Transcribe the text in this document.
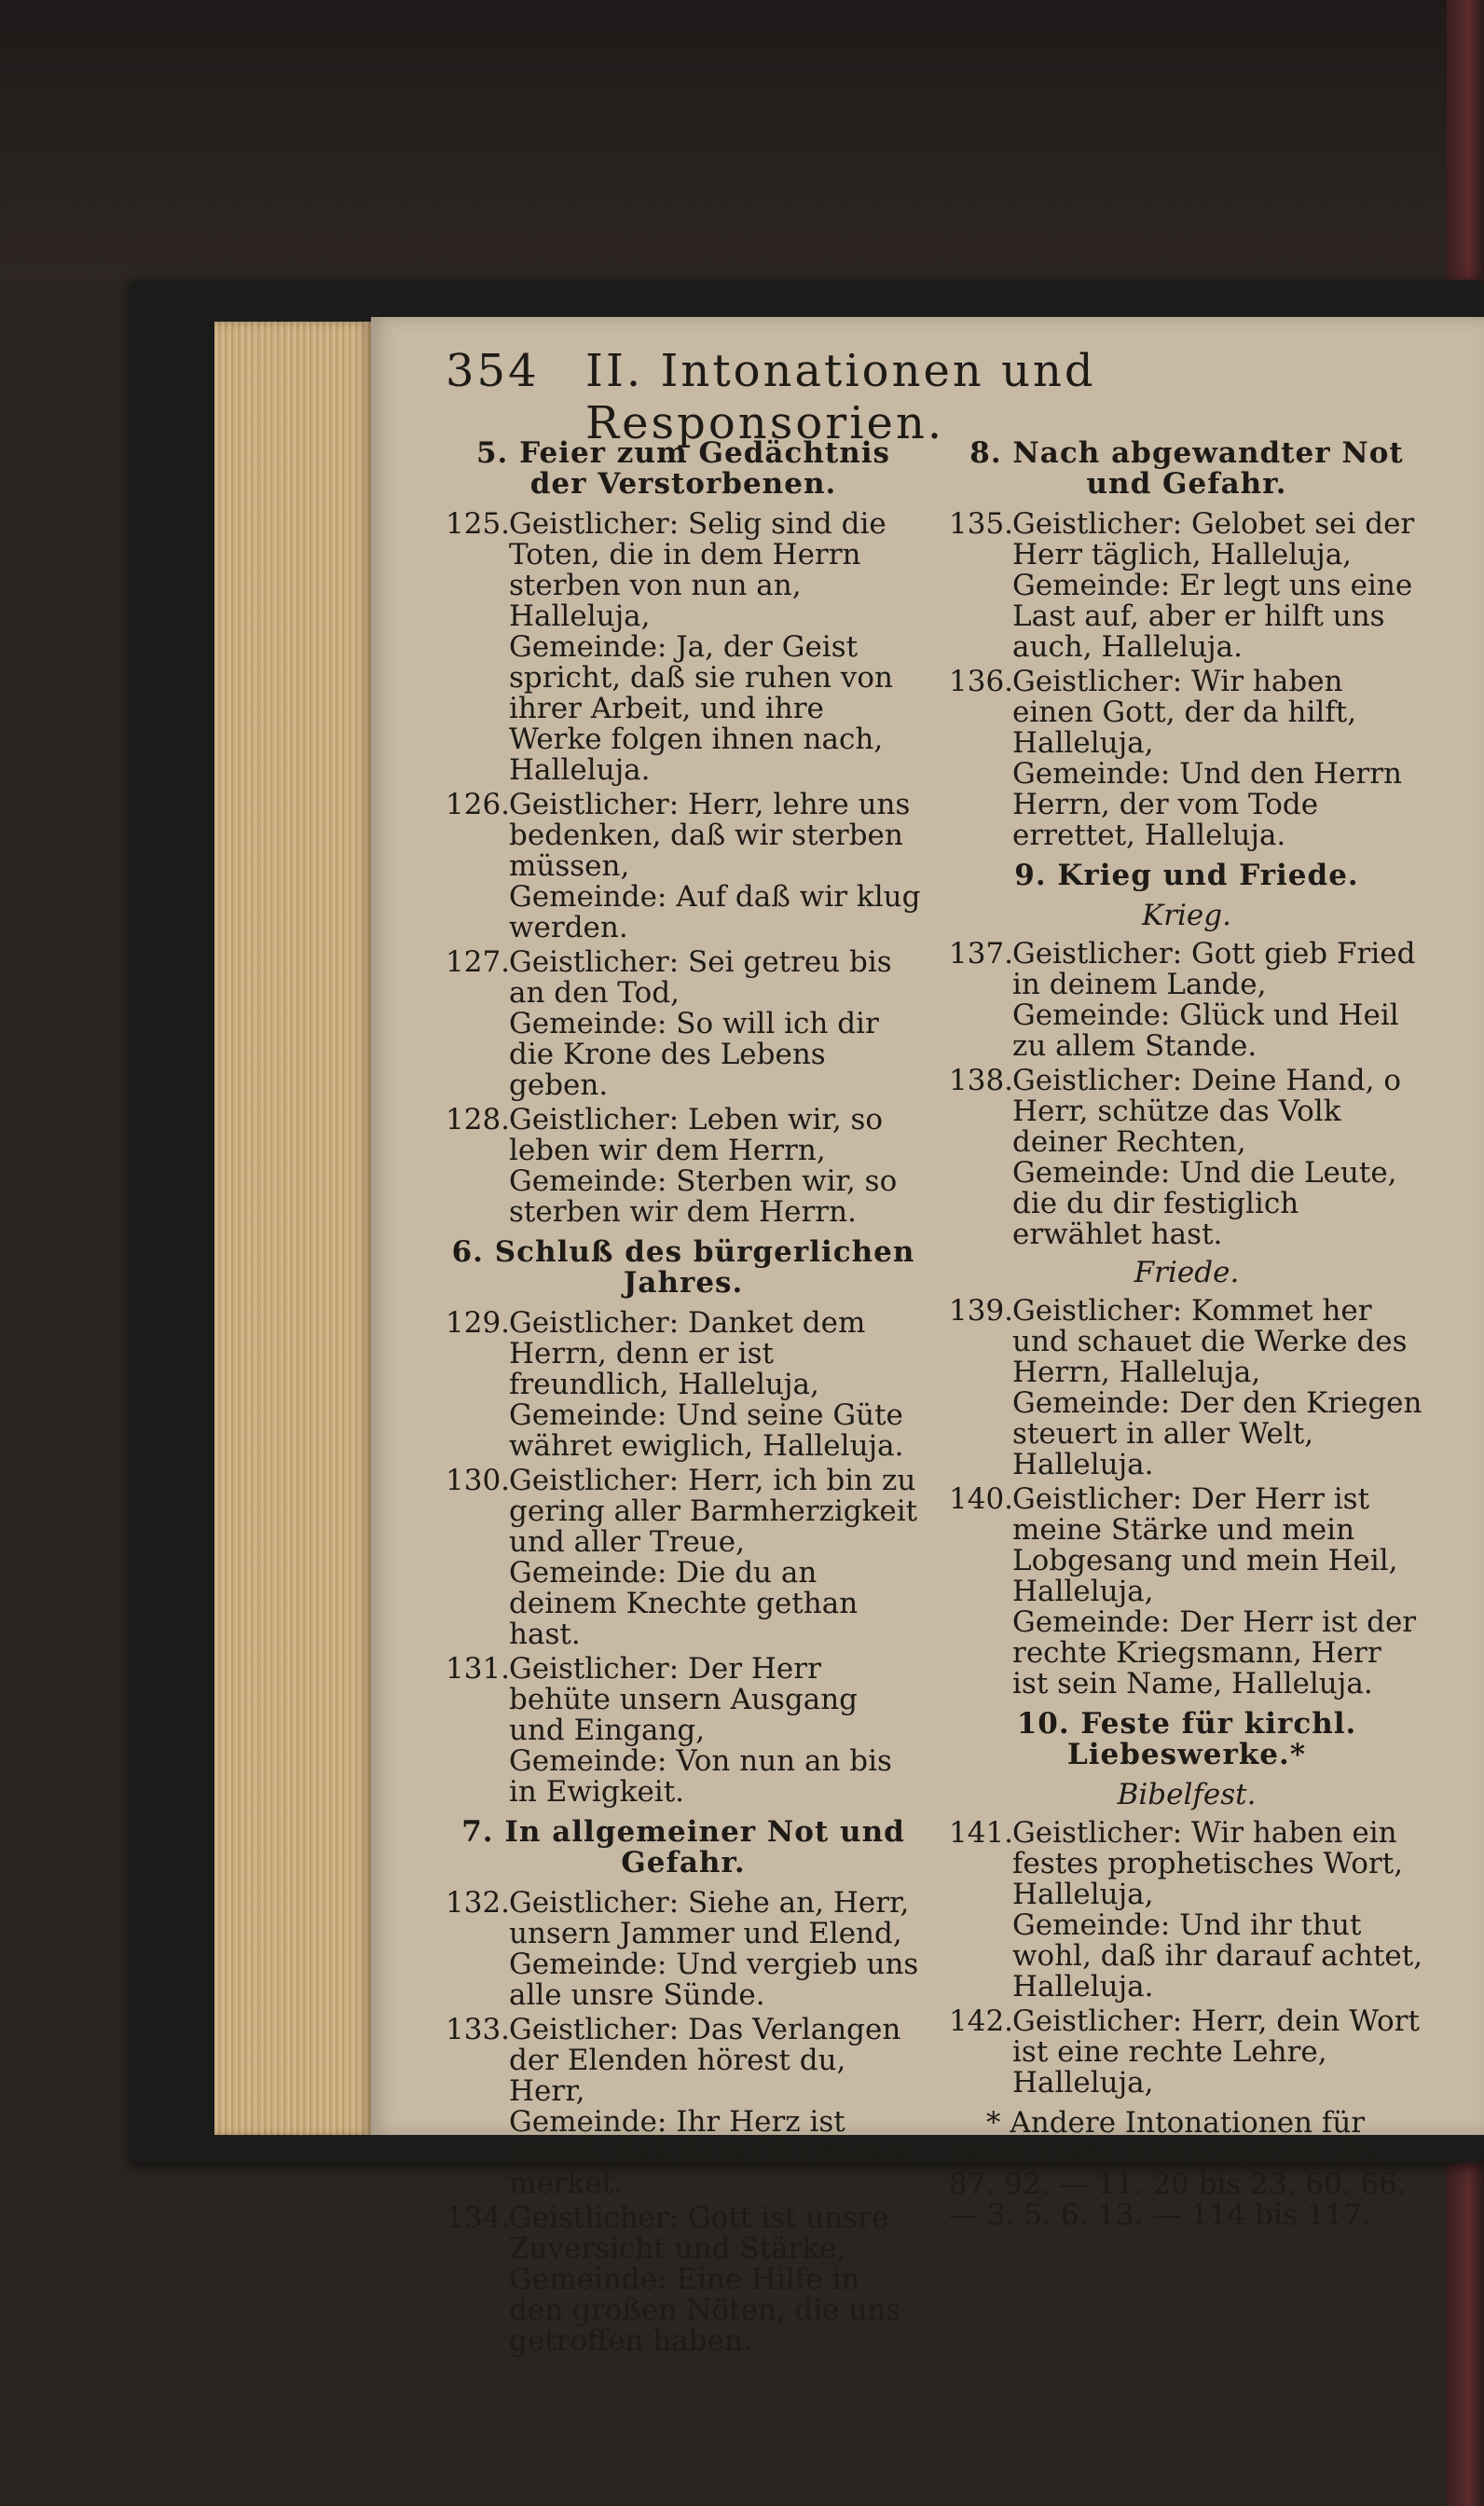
354 II. Intonationen und Responsorien.
5. Feier zum Gedächtnis der Verstorbenen.
125.
Geistlicher: Selig sind die Toten, die in dem Herrn sterben von nun an, Halleluja,
Gemeinde: Ja, der Geist spricht, daß sie ruhen von ihrer Arbeit, und ihre Werke folgen ihnen nach, Halleluja.
126.
Geistlicher: Herr, lehre uns bedenken, daß wir sterben müssen,
Gemeinde: Auf daß wir klug werden.
127.
Geistlicher: Sei getreu bis an den Tod,
Gemeinde: So will ich dir die Krone des Lebens geben.
128.
Geistlicher: Leben wir, so leben wir dem Herrn,
Gemeinde: Sterben wir, so sterben wir dem Herrn.
6. Schluß des bürgerlichen Jahres.
129.
Geistlicher: Danket dem Herrn, denn er ist freundlich, Halleluja,
Gemeinde: Und seine Güte währet ewiglich, Halleluja.
130.
Geistlicher: Herr, ich bin zu gering aller Barmherzigkeit und aller Treue,
Gemeinde: Die du an deinem Knechte gethan hast.
131.
Geistlicher: Der Herr behüte unsern Ausgang und Eingang,
Gemeinde: Von nun an bis in Ewigkeit.
7. In allgemeiner Not und Gefahr.
132.
Geistlicher: Siehe an, Herr, unsern Jammer und Elend,
Gemeinde: Und vergieb uns alle unsre Sünde.
133.
Geistlicher: Das Verlangen der Elenden hörest du, Herr,
Gemeinde: Ihr Herz ist gewiß, daß dein Ohr darauf merket.
134.
Geistlicher: Gott ist unsre Zuversicht und Stärke,
Gemeinde: Eine Hilfe in den großen Nöten, die uns getroffen haben.
8. Nach abgewandter Not und Gefahr.
135.
Geistlicher: Gelobet sei der Herr täglich, Halleluja,
Gemeinde: Er legt uns eine Last auf, aber er hilft uns auch, Halleluja.
136.
Geistlicher: Wir haben einen Gott, der da hilft, Halleluja,
Gemeinde: Und den Herrn Herrn, der vom Tode errettet, Halleluja.
9. Krieg und Friede.
Krieg.
137.
Geistlicher: Gott gieb Fried in deinem Lande,
Gemeinde: Glück und Heil zu allem Stande.
138.
Geistlicher: Deine Hand, o Herr, schütze das Volk deiner Rechten,
Gemeinde: Und die Leute, die du dir festiglich erwählet hast.
Friede.
139.
Geistlicher: Kommet her und schauet die Werke des Herrn, Halleluja,
Gemeinde: Der den Kriegen steuert in aller Welt, Halleluja.
140.
Geistlicher: Der Herr ist meine Stärke und mein Lobgesang und mein Heil, Halleluja,
Gemeinde: Der Herr ist der rechte Kriegsmann, Herr ist sein Name, Halleluja.
10. Feste für kirchl. Liebeswerke.*
Bibelfest.
141.
Geistlicher: Wir haben ein festes prophetisches Wort, Halleluja,
Gemeinde: Und ihr thut wohl, daß ihr darauf achtet, Halleluja.
142.
Geistlicher: Herr, dein Wort ist eine rechte Lehre, Halleluja,
* Andere Intonationen für diese Feste sind folgende: 85. 87. 92. — 11. 20 bis 23. 60. 66. — 3. 5. 6. 13. — 114 bis 117.
